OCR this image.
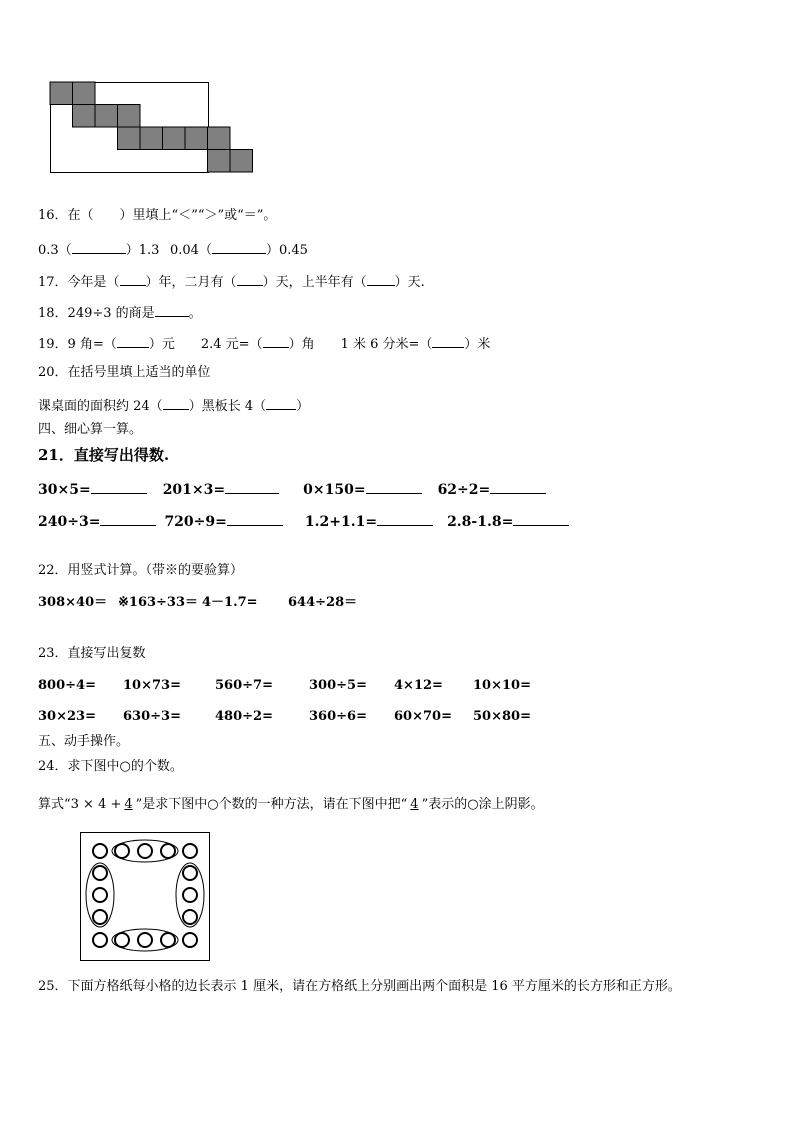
16．在（　　）里填上“＜”“＞”或“＝”。
0.3（	）1.3 0.04（	）0.45
17．今年是（ ）年，二月有（ ）天，上半年有（ ）天.
18．249÷3 的商是	。
19．9 角=（ ）元 2.4 元=（ ）角 1 米 6 分米=（ ）米
20．在括号里填上适当的单位
课桌面的面积约 24（ ）黑板长 4（ ）
四、细心算一算。
21．直接写出得数.
30×5=	201×3=	0×150=	62÷2=
240÷3=	720÷9=	1.2+1.1=	2.8-1.8=
22．用竖式计算。（带※的要验算）
308×40＝ ※163÷33＝ 4－1.7= 644÷28＝
23．直接写出复数
800÷4= 10×73=	560÷7=	300÷5= 4×12= 10×10=
30×23= 630÷3=	480÷2=	360÷6= 60×70= 50×80=
五、动手操作。
24．求下图中○的个数。
算式“3 × 4 + 4 ”是求下图中○个数的一种方法，请在下图中把“ 4 ”表示的○涂上阴影。
25．下面方格纸每小格的边长表示 1 厘米，请在方格纸上分别画出两个面积是 16 平方厘米的长方形和正方形。
